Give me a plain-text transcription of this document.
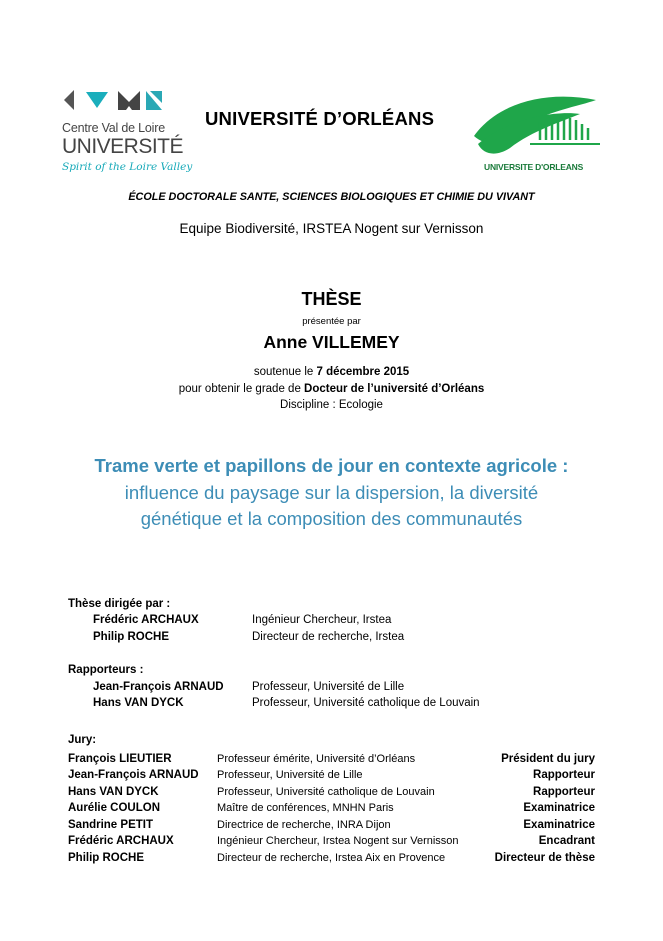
Centre Val de Loire
UNIVERSITÉ
Spirit of the Loire Valley
UNIVERSITÉ D’ORLÉANS
UNIVERSITE D'ORLEANS
ÉCOLE DOCTORALE SANTE, SCIENCES BIOLOGIQUES ET CHIMIE DU VIVANT
Equipe Biodiversité, IRSTEA Nogent sur Vernisson
THÈSE
présentée par
Anne VILLEMEY
soutenue le 7 décembre 2015
pour obtenir le grade de Docteur de l’université d’Orléans
Discipline : Ecologie
Trame verte et papillons de jour en contexte agricole :
influence du paysage sur la dispersion, la diversité
génétique et la composition des communautés
Thèse dirigée par :
Frédéric ARCHAUX	Ingénieur Chercheur, Irstea
Philip ROCHE	Directeur de recherche, Irstea
Rapporteurs :
Jean-François ARNAUD Professeur, Université de Lille
Hans VAN DYCK	Professeur, Université catholique de Louvain
Jury:
François LIEUTIER	Professeur émérite, Université d’Orléans	Président du jury
Jean-François ARNAUD Professeur, Université de Lille	Rapporteur
Hans VAN DYCK	Professeur, Université catholique de Louvain	Rapporteur
Aurélie COULON	Maître de conférences, MNHN Paris	Examinatrice
Sandrine PETIT	Directrice de recherche, INRA Dijon	Examinatrice
Frédéric ARCHAUX	Ingénieur Chercheur, Irstea Nogent sur Vernisson	Encadrant
Philip ROCHE	Directeur de recherche, Irstea Aix en Provence	Directeur de thèse
